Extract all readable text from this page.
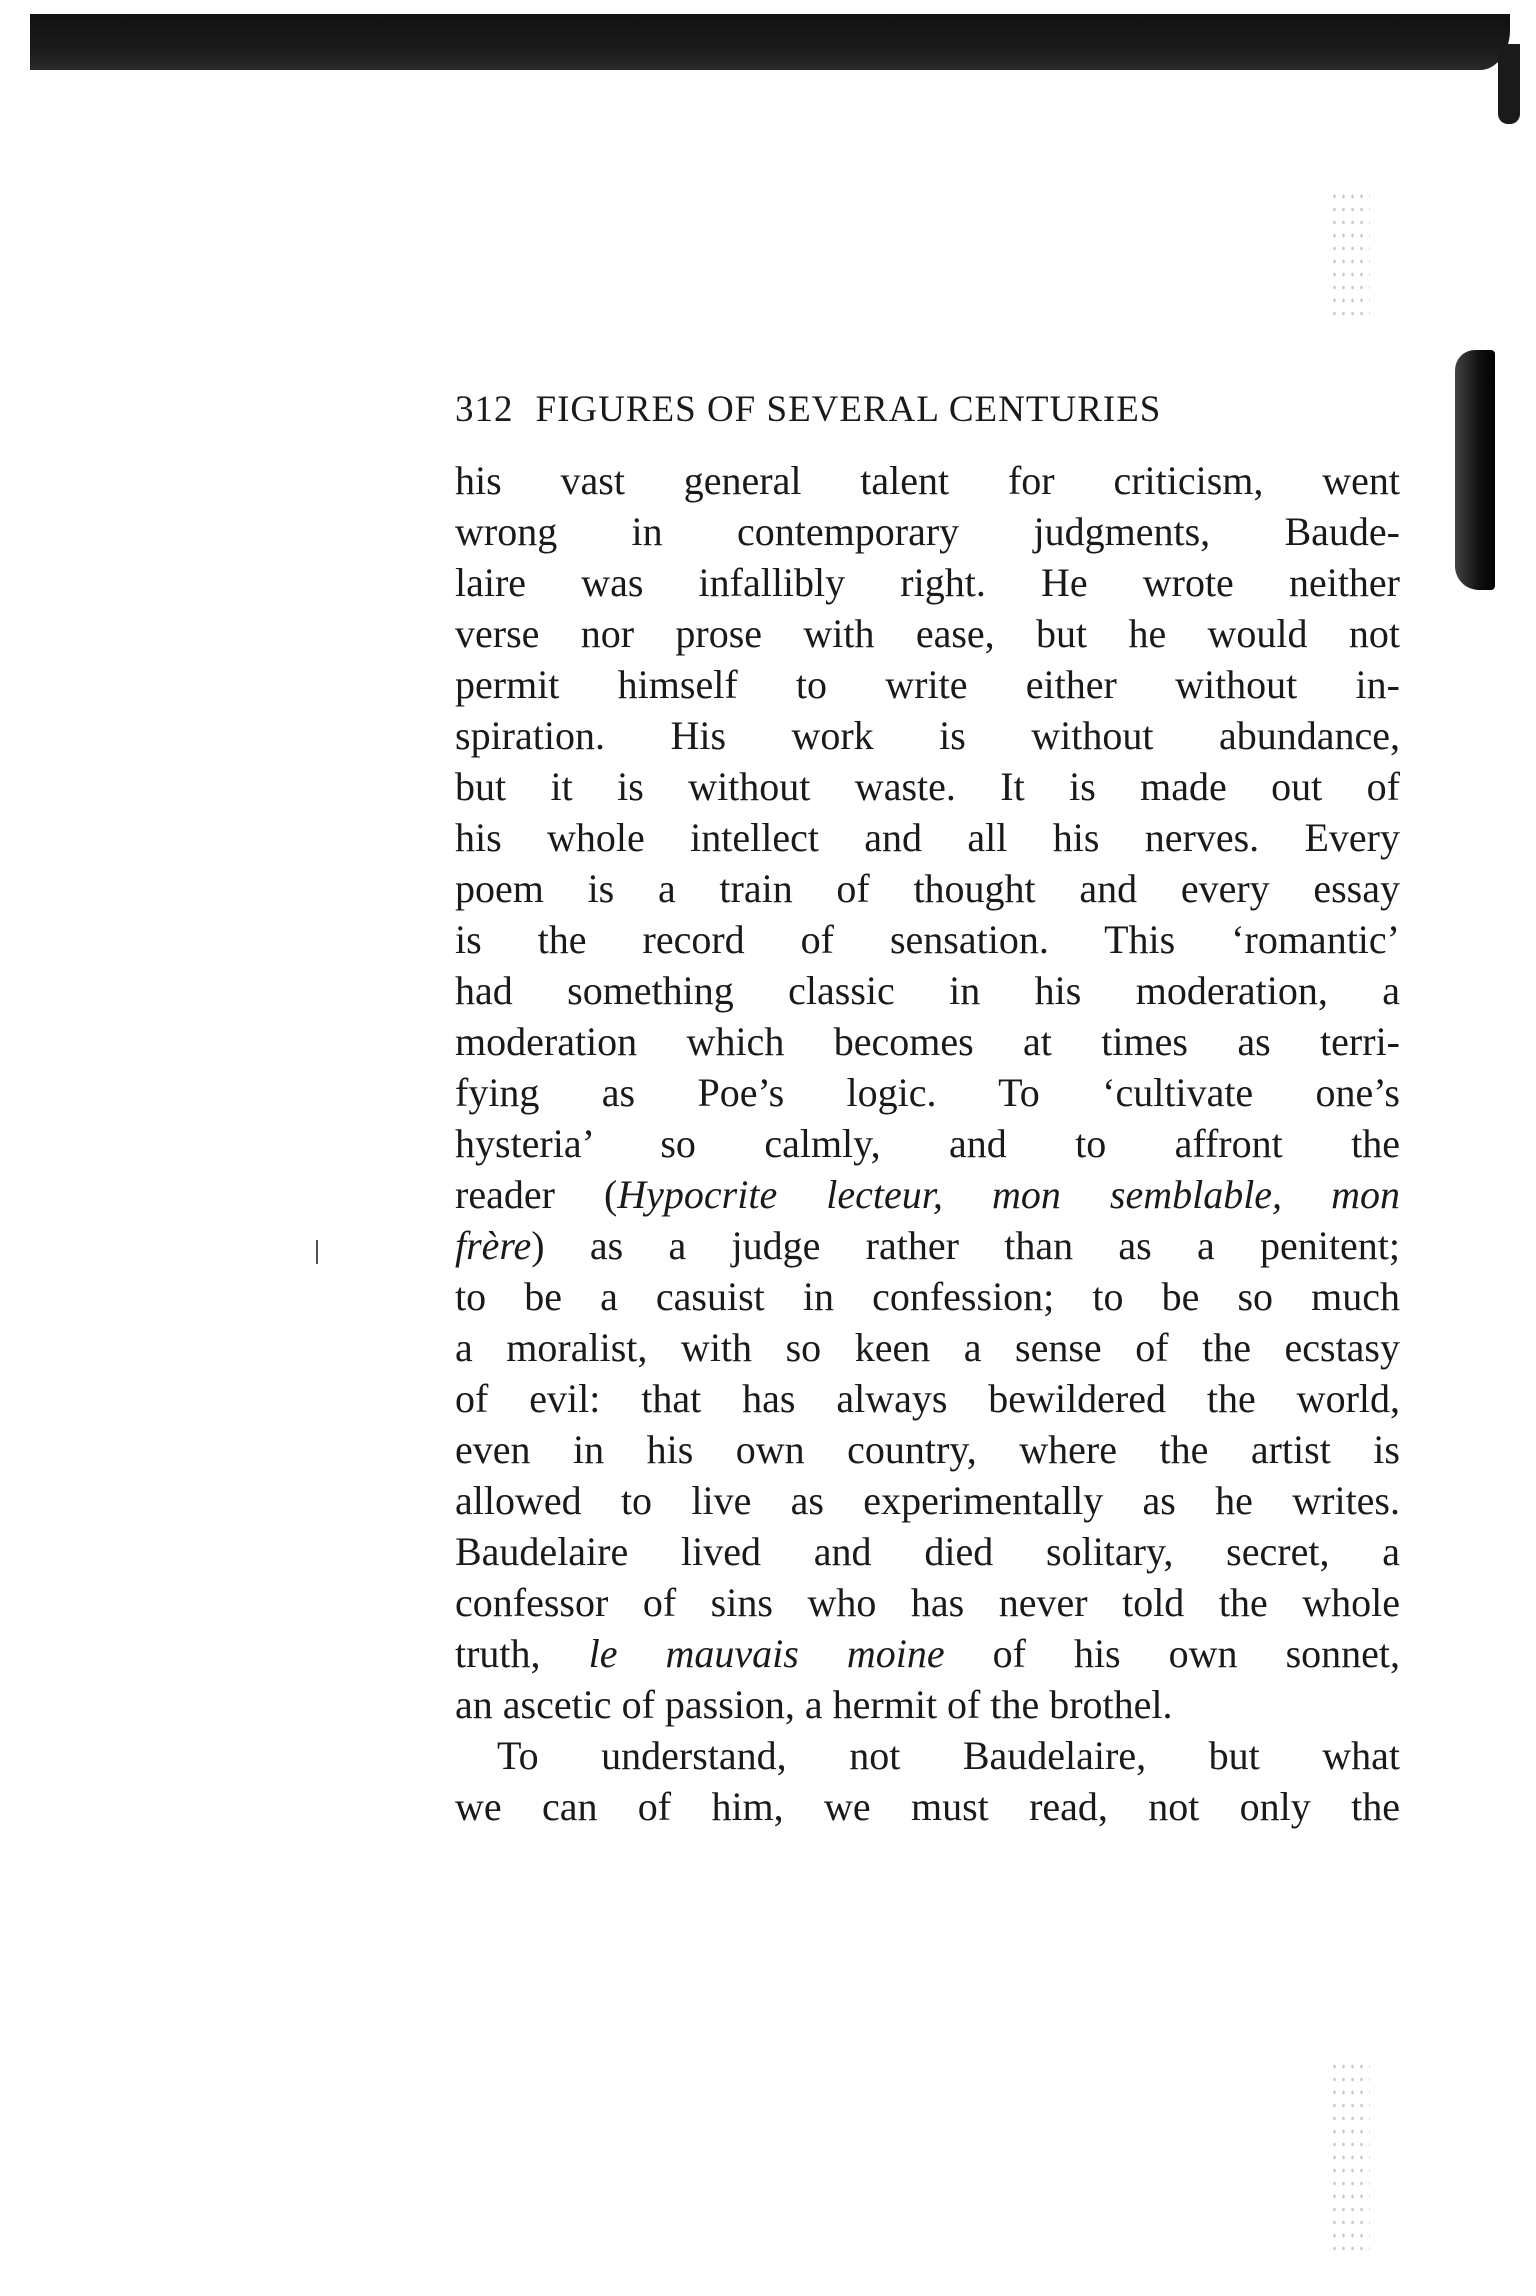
312 FIGURES OF SEVERAL CENTURIES
his vast general talent for criticism, went
wrong in contemporary judgments, Baude-
laire was infallibly right. He wrote neither
verse nor prose with ease, but he would not
permit himself to write either without in-
spiration. His work is without abundance,
but it is without waste. It is made out of
his whole intellect and all his nerves. Every
poem is a train of thought and every essay
is the record of sensation. This ‘romantic’
had something classic in his moderation, a
moderation which becomes at times as terri-
fying as Poe’s logic. To ‘cultivate one’s
hysteria’ so calmly, and to affront the
reader (Hypocrite lecteur, mon semblable, mon
frère) as a judge rather than as a penitent;
to be a casuist in confession; to be so much
a moralist, with so keen a sense of the ecstasy
of evil: that has always bewildered the world,
even in his own country, where the artist is
allowed to live as experimentally as he writes.
Baudelaire lived and died solitary, secret, a
confessor of sins who has never told the whole
truth, le mauvais moine of his own sonnet,
an ascetic of passion, a hermit of the brothel.
To understand, not Baudelaire, but what
we can of him, we must read, not only the
